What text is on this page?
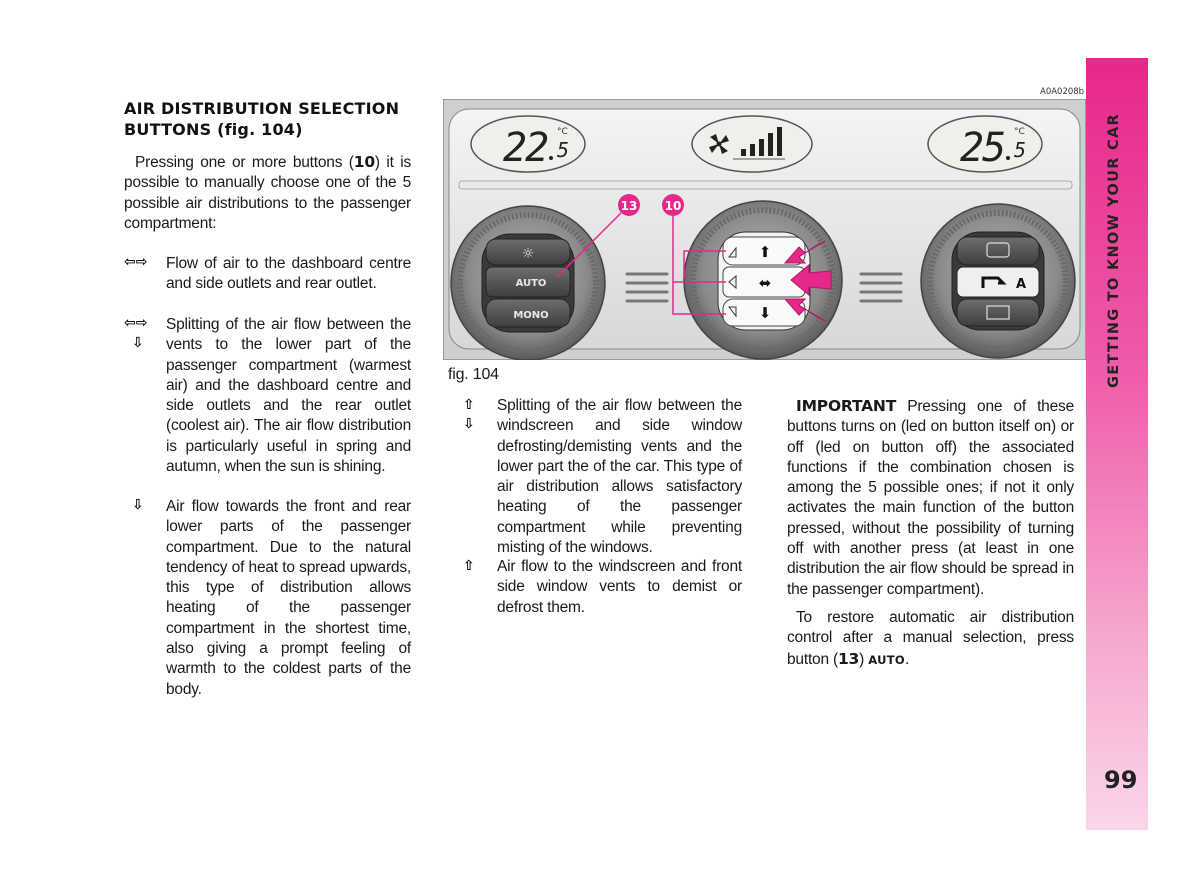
AIR DISTRIBUTION SELECTION
BUTTONS (fig. 104)
Pressing one or more buttons (10) it is possible to manually choose one of the 5 possible air distributions to the passenger compartment:
⇦⇨ Flow of air to the dashboard centre and side outlets and rear outlet.
⇦⇨
⇩
Splitting of the air flow between the vents to the lower part of the passenger compartment (warmest air) and the dashboard centre and side outlets and the rear outlet (coolest air). The air flow distribution is particularly useful in spring and autumn, when the sun is shining.
⇩ Air flow towards the front and rear lower parts of the passenger compartment. Due to the natural tendency of heat to spread upwards, this type of distribution allows heating of the passenger compartment in the shortest time, also giving a prompt feeling of warmth to the coldest parts of the body.
A0A0208b
22 °C
5	25 °C
5
☼
AUTO
MONO
⬆
⬌
⬇
A
13 10
fig. 104
⇧
⇩
Splitting of the air flow between the windscreen and side window defrosting/demisting vents and the lower part the of the car. This type of air distribution allows satisfactory heating of the passenger compartment while preventing misting of the windows.
⇧ Air flow to the windscreen and front side window vents to demist or defrost them.
IMPORTANT Pressing one of these buttons turns on (led on button itself on) or off (led on button off) the associated functions if the combination chosen is among the 5 possible ones; if not it only activates the main function of the button pressed, without the possibility of turning off with another press (at least in one distribution the air flow should be spread in the passenger compartment).
To restore automatic air distribution control after a manual selection, press button (13) AUTO.
GETTING TO KNOW YOUR CAR
99
